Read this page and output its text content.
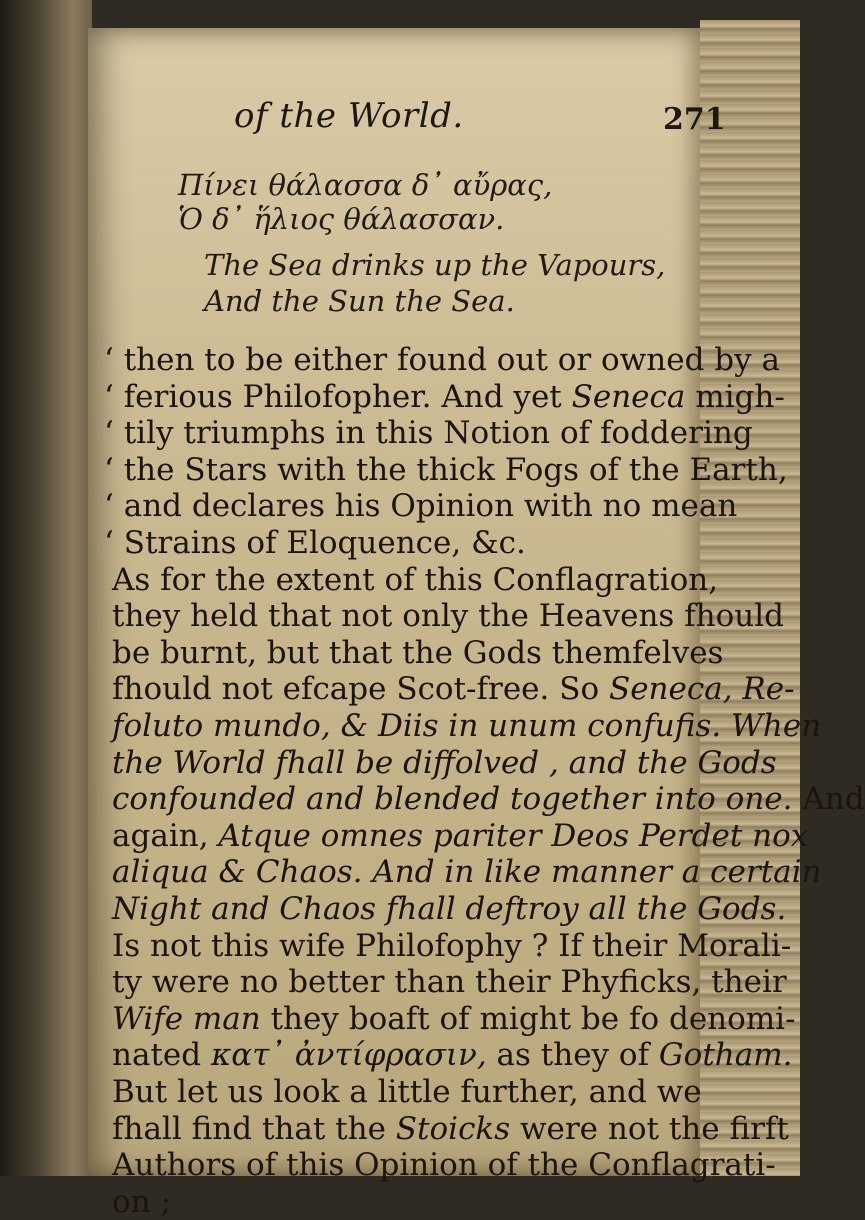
of the World.	271
Πίνει θάλασσα δ᾽ αὔρας,
Ὁ δ᾽ ἥλιος θάλασσαν.
The Sea drinks up the Vapours,
And the Sun the Sea.
‘ then to be either found out or owned by a
‘ ferious Philofopher. And yet Seneca migh-
‘ tily triumphs in this Notion of foddering
‘ the Stars with the thick Fogs of the Earth,
‘ and declares his Opinion with no mean
‘ Strains of Eloquence, &c.
As for the extent of this Conflagration,
they held that not only the Heavens fhould
be burnt, but that the Gods themfelves
fhould not efcape Scot-free. So Seneca, Re-
foluto mundo, & Diis in unum confufis. When
the World fhall be diffolved , and the Gods
confounded and blended together into one. And
again, Atque omnes pariter Deos Perdet nox
aliqua & Chaos. And in like manner a certain
Night and Chaos fhall deftroy all the Gods.
Is not this wife Philofophy ? If their Morali-
ty were no better than their Phyficks, their
Wife man they boaft of might be fo denomi-
nated κατ᾽ ἀντίφρασιν, as they of Gotham.
But let us look a little further, and we
fhall find that the Stoicks were not the firft
Authors of this Opinion of the Conflagrati-
on ;
